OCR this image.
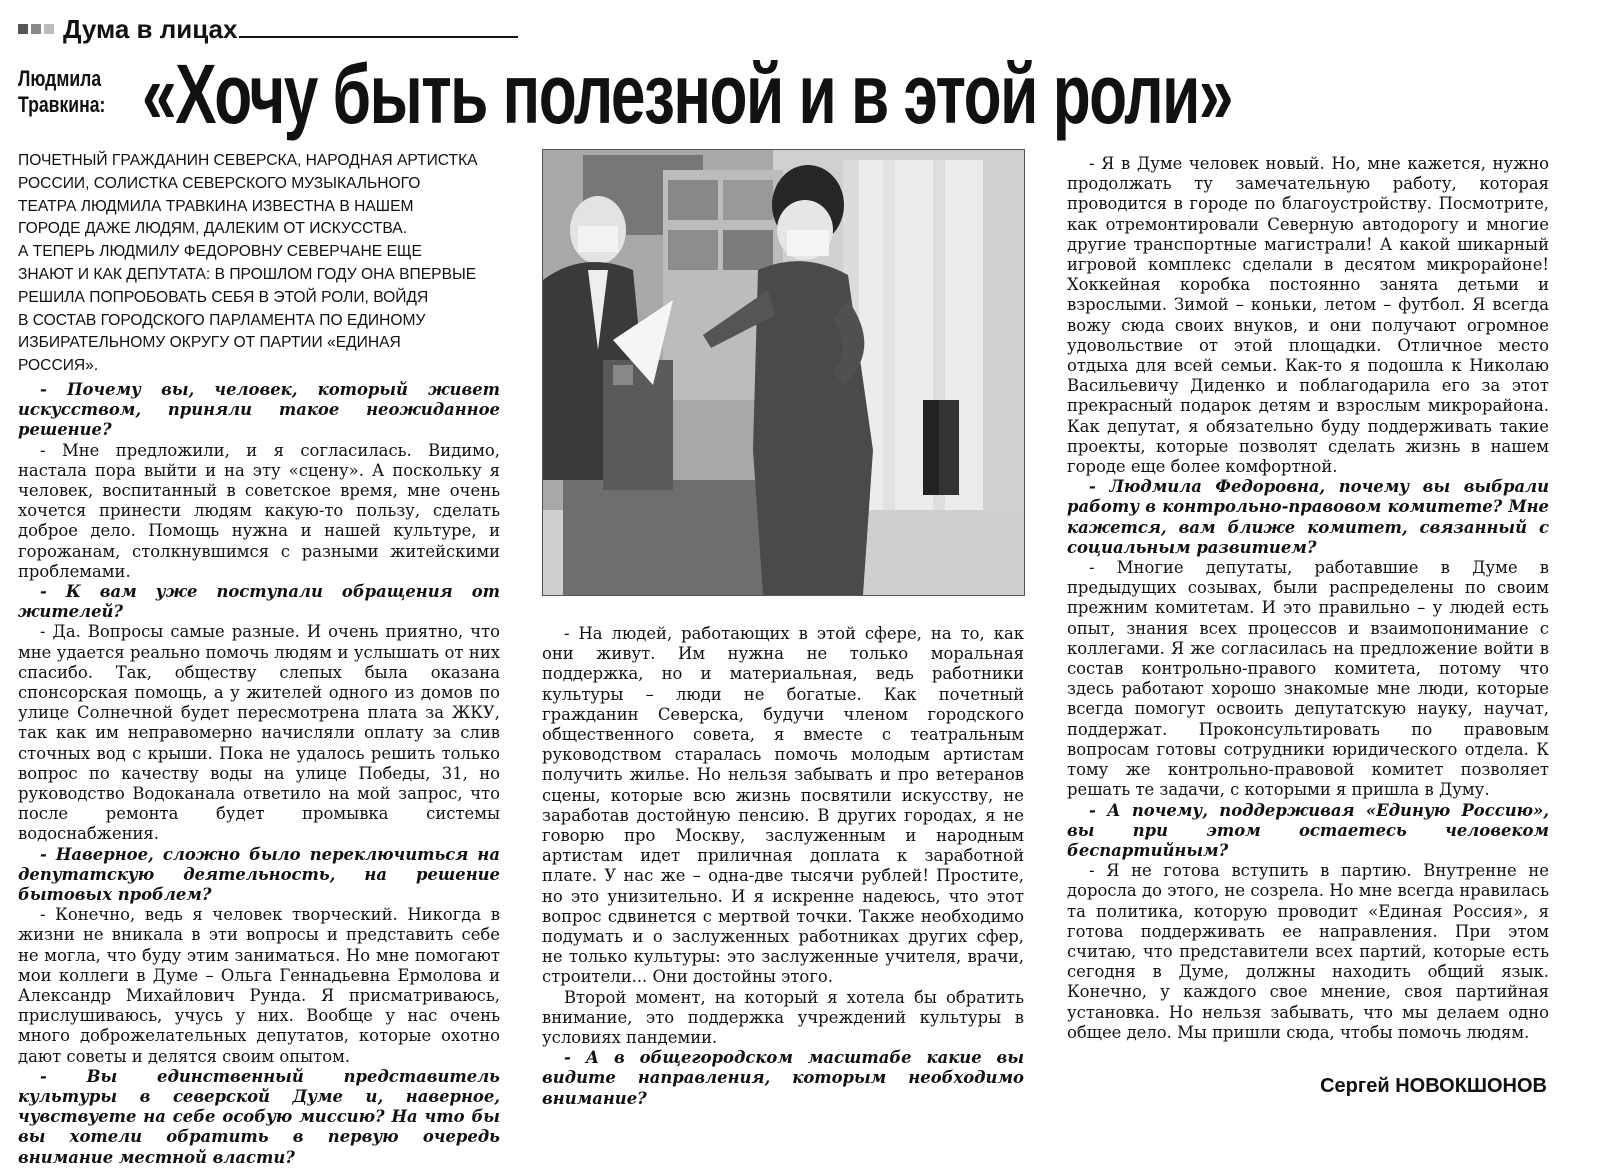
Дума в лицах
Людмила
Травкина: «Хочу быть полезной и в этой роли»
ПОЧЕТНЫЙ ГРАЖДАНИН СЕВЕРСКА, НАРОДНАЯ АРТИСТКА
РОССИИ, СОЛИСТКА СЕВЕРСКОГО МУЗЫКАЛЬНОГО
ТЕАТРА ЛЮДМИЛА ТРАВКИНА ИЗВЕСТНА В НАШЕМ
ГОРОДЕ ДАЖЕ ЛЮДЯМ, ДАЛЕКИМ ОТ ИСКУССТВА.
А ТЕПЕРЬ ЛЮДМИЛУ ФЕДОРОВНУ СЕВЕРЧАНЕ ЕЩЕ
ЗНАЮТ И КАК ДЕПУТАТА: В ПРОШЛОМ ГОДУ ОНА ВПЕРВЫЕ
РЕШИЛА ПОПРОБОВАТЬ СЕБЯ В ЭТОЙ РОЛИ, ВОЙДЯ
В СОСТАВ ГОРОДСКОГО ПАРЛАМЕНТА ПО ЕДИНОМУ
ИЗБИРАТЕЛЬНОМУ ОКРУГУ ОТ ПАРТИИ «ЕДИНАЯ
РОССИЯ».

- Почему вы, человек, который живет искусством, приняли такое неожиданное решение?

- Мне предложили, и я согласилась. Видимо, настала пора выйти и на эту «сцену». А поскольку я человек, воспитанный в советское время, мне очень хочется принести людям какую-то пользу, сделать доброе дело. Помощь нужна и нашей культуре, и горожанам, столкнувшимся с разными житейскими проблемами.

- К вам уже поступали обращения от жителей?

- Да. Вопросы самые разные. И очень приятно, что мне удается реально помочь людям и услышать от них спасибо. Так, обществу слепых была оказана спонсорская помощь, а у жителей одного из домов по улице Солнечной будет пересмотрена плата за ЖКУ, так как им неправомерно начисляли оплату за слив сточных вод с крыши. Пока не удалось решить только вопрос по качеству воды на улице Победы, 31, но руководство Водоканала ответило на мой запрос, что после ремонта будет промывка системы водоснабжения.

- Наверное, сложно было переключиться на депутатскую деятельность, на решение бытовых проблем?

- Конечно, ведь я человек творческий. Никогда в жизни не вникала в эти вопросы и представить себе не могла, что буду этим заниматься. Но мне помогают мои коллеги в Думе – Ольга Геннадьевна Ермолова и Александр Михайлович Рунда. Я присматриваюсь, прислушиваюсь, учусь у них. Вообще у нас очень много доброжелательных депутатов, которые охотно дают советы и делятся своим опытом.

- Вы единственный представитель культуры в северской Думе и, наверное, чувствуете на себе особую миссию? На что бы вы хотели обратить в первую очередь внимание местной власти?

- На людей, работающих в этой сфере, на то, как они живут. Им нужна не только моральная поддержка, но и материальная, ведь работники культуры – люди не богатые. Как почетный гражданин Северска, будучи членом городского общественного совета, я вместе с театральным руководством старалась помочь молодым артистам получить жилье. Но нельзя забывать и про ветеранов сцены, которые всю жизнь посвятили искусству, не заработав достойную пенсию. В других городах, я не говорю про Москву, заслуженным и народным артистам идет приличная доплата к заработной плате. У нас же – одна-две тысячи рублей! Простите, но это унизительно. И я искренне надеюсь, что этот вопрос сдвинется с мертвой точки. Также необходимо подумать и о заслуженных работниках других сфер, не только культуры: это заслуженные учителя, врачи, строители... Они достойны этого.

Второй момент, на который я хотела бы обратить внимание, это поддержка учреждений культуры в условиях пандемии.

- А в общегородском масштабе какие вы видите направления, которым необходимо внимание?

- Я в Думе человек новый. Но, мне кажется, нужно продолжать ту замечательную работу, которая проводится в городе по благоустройству. Посмотрите, как отремонтировали Северную автодорогу и многие другие транспортные магистрали! А какой шикарный игровой комплекс сделали в десятом микрорайоне! Хоккейная коробка постоянно занята детьми и взрослыми. Зимой – коньки, летом – футбол. Я всегда вожу сюда своих внуков, и они получают огромное удовольствие от этой площадки. Отличное место отдыха для всей семьи. Как-то я подошла к Николаю Васильевичу Диденко и поблагодарила его за этот прекрасный подарок детям и взрослым микрорайона. Как депутат, я обязательно буду поддерживать такие проекты, которые позволят сделать жизнь в нашем городе еще более комфортной.

- Людмила Федоровна, почему вы выбрали работу в контрольно-правовом комитете? Мне кажется, вам ближе комитет, связанный с социальным развитием?

- Многие депутаты, работавшие в Думе в предыдущих созывах, были распределены по своим прежним комитетам. И это правильно – у людей есть опыт, знания всех процессов и взаимопонимание с коллегами. Я же согласилась на предложение войти в состав контрольно-правого комитета, потому что здесь работают хорошо знакомые мне люди, которые всегда помогут освоить депутатскую науку, научат, поддержат. Проконсультировать по правовым вопросам готовы сотрудники юридического отдела. К тому же контрольно-правовой комитет позволяет решать те задачи, с которыми я пришла в Думу.

- А почему, поддерживая «Единую Россию», вы при этом остаетесь человеком беспартийным?

- Я не готова вступить в партию. Внутренне не доросла до этого, не созрела. Но мне всегда нравилась та политика, которую проводит «Единая Россия», я готова поддерживать ее направления. При этом считаю, что представители всех партий, которые есть сегодня в Думе, должны находить общий язык. Конечно, у каждого свое мнение, своя партийная установка. Но нельзя забывать, что мы делаем одно общее дело. Мы пришли сюда, чтобы помочь людям.

Сергей НОВОКШОНОВ
